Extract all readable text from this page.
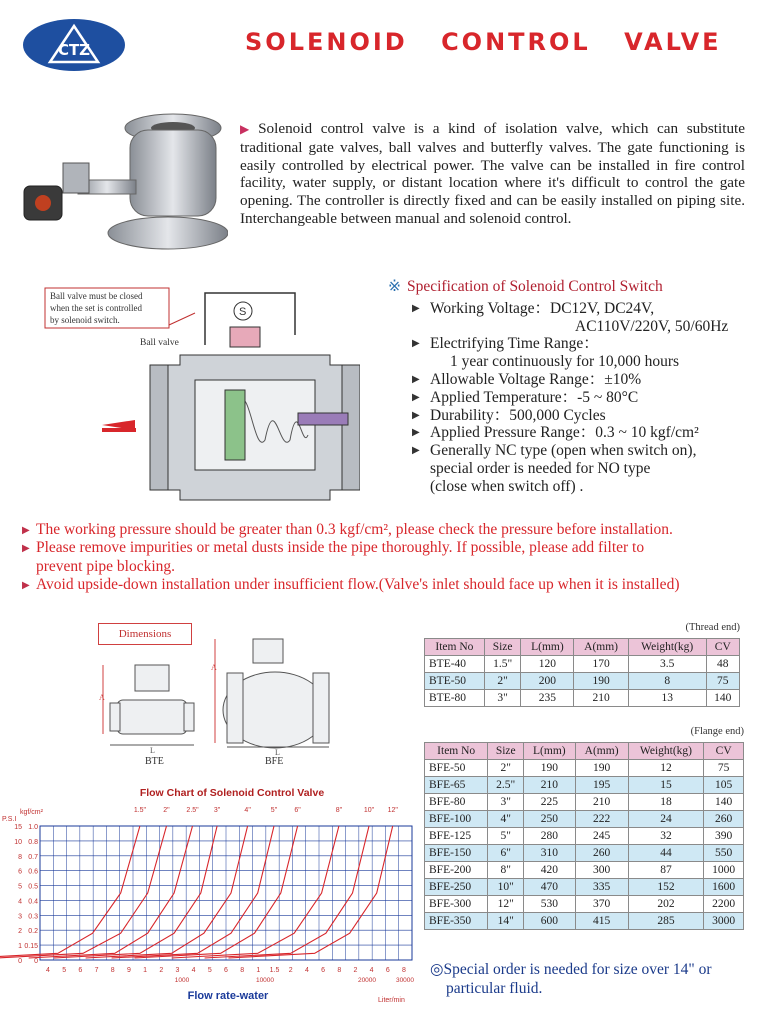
CTZ	SOLENOID CONTROL VALVE
▶ Solenoid control valve is a kind of isolation valve, which can substitute traditional gate valves, ball valves and butterfly valves. The gate functioning is easily controlled by electrical power. The valve can be installed in fire control facility, water supply, or distant location where it's difficult to control the gate opening. The controller is directly fixed and can be easily installed on piping site. Interchangeable between manual and solenoid control.
Ball valve must be closed
when the set is controlled
by solenoid switch.
Ball valve
S
※ Specification of Solenoid Control Switch
▶ Working Voltage：DC12V, DC24V,
AC110V/220V, 50/60Hz
▶ Electrifying Time Range：
1 year continuously for 10,000 hours
▶ Allowable Voltage Range：±10%
▶ Applied Temperature：-5 ~ 80°C
▶ Durability：500,000 Cycles
▶ Applied Pressure Range：0.3 ~ 10 kgf/cm²
▶ Generally NC type (open when switch on),
special order is needed for NO type
(close when switch off) .
▶ The working pressure should be greater than 0.3 kgf/cm², please check the pressure before installation.
▶ Please remove impurities or metal dusts inside the pipe thoroughly. If possible, please add filter to
prevent pipe blocking.
▶ Avoid upside-down installation under insufficient flow.(Valve's inlet should face up when it is installed)
Dimensions
A
L
A
L
BTE	BFE
Flow Chart of Solenoid Control Valve
P.S.I
kgf/cm²
15
10
8
6
5
4
3
2
1
0
1.0
0.8
0.7
0.6
0.5
0.4
0.3
0.2
0.15
0
4 5 6 7 8 9 1 2 3 4 5 6 8 1 1.5 2 4 6 8 2 4 6 8
1000	10000	20000	30000
1.5" 2" 2.5" 3"	4"	5" 6"	8"	10" 12"
Flow rate-water	Liter/min
(Thread end)
Item No	Size	L(mm)	A(mm)	Weight(kg)	CV
BTE-40	1.5"	120	170	3.5	48
BTE-50	2"	200	190	8	75
BTE-80	3"	235	210	13	140
(Flange end)
Item No	Size	L(mm)	A(mm)	Weight(kg)	CV
BFE-50	2"	190	190	12	75
BFE-65	2.5"	210	195	15	105
BFE-80	3"	225	210	18	140
BFE-100	4"	250	222	24	260
BFE-125	5"	280	245	32	390
BFE-150	6"	310	260	44	550
BFE-200	8"	420	300	87	1000
BFE-250	10"	470	335	152	1600
BFE-300	12"	530	370	202	2200
BFE-350	14"	600	415	285	3000
◎Special order is needed for size over 14" or
particular fluid.
